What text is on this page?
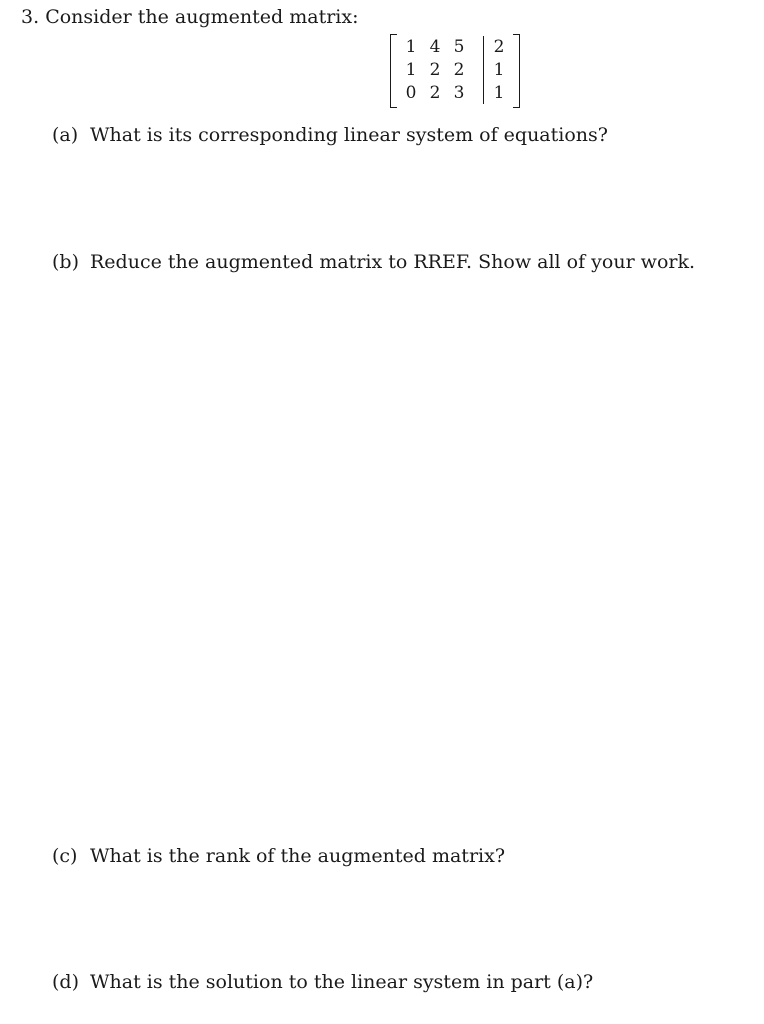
3. Consider the augmented matrix:
1 4 5 2
1 2 2 1
0 2 3 1
(a) What is its corresponding linear system of equations?
(b) Reduce the augmented matrix to RREF. Show all of your work.
(c) What is the rank of the augmented matrix?
(d) What is the solution to the linear system in part (a)?
